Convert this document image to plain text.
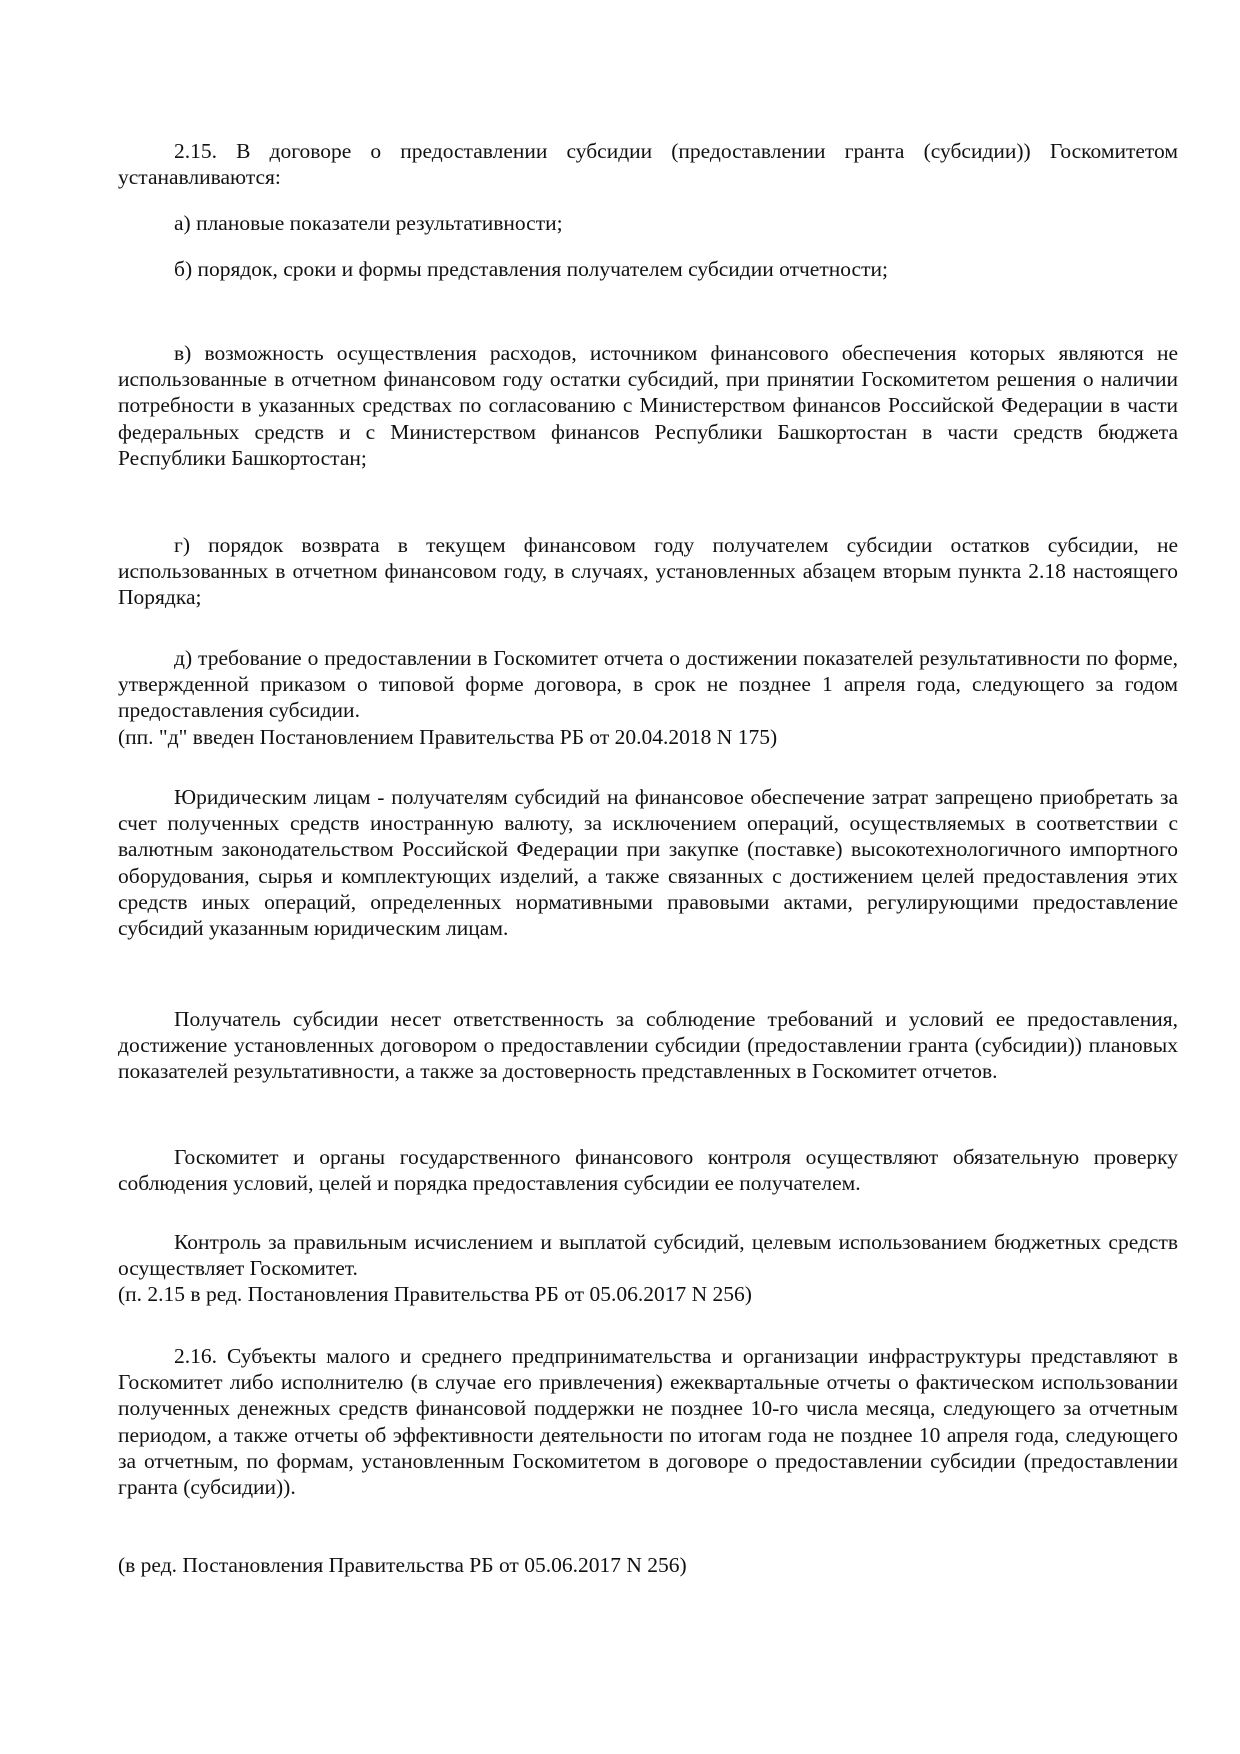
2.15. В договоре о предоставлении субсидии (предоставлении гранта (субсидии)) Госкомитетом устанавливаются:

а) плановые показатели результативности;

б) порядок, сроки и формы представления получателем субсидии отчетности;

в) возможность осуществления расходов, источником финансового обеспечения которых являются не использованные в отчетном финансовом году остатки субсидий, при принятии Госкомитетом решения о наличии потребности в указанных средствах по согласованию с Министерством финансов Российской Федерации в части федеральных средств и с Министерством финансов Республики Башкортостан в части средств бюджета Республики Башкортостан;

г) порядок возврата в текущем финансовом году получателем субсидии остатков субсидии, не использованных в отчетном финансовом году, в случаях, установленных абзацем вторым пункта 2.18 настоящего Порядка;

д) требование о предоставлении в Госкомитет отчета о достижении показателей результативности по форме, утвержденной приказом о типовой форме договора, в срок не позднее 1 апреля года, следующего за годом предоставления субсидии.

(пп. "д" введен Постановлением Правительства РБ от 20.04.2018 N 175)

Юридическим лицам - получателям субсидий на финансовое обеспечение затрат запрещено приобретать за счет полученных средств иностранную валюту, за исключением операций, осуществляемых в соответствии с валютным законодательством Российской Федерации при закупке (поставке) высокотехнологичного импортного оборудования, сырья и комплектующих изделий, а также связанных с достижением целей предоставления этих средств иных операций, определенных нормативными правовыми актами, регулирующими предоставление субсидий указанным юридическим лицам.

Получатель субсидии несет ответственность за соблюдение требований и условий ее предоставления, достижение установленных договором о предоставлении субсидии (предоставлении гранта (субсидии)) плановых показателей результативности, а также за достоверность представленных в Госкомитет отчетов.

Госкомитет и органы государственного финансового контроля осуществляют обязательную проверку соблюдения условий, целей и порядка предоставления субсидии ее получателем.

Контроль за правильным исчислением и выплатой субсидий, целевым использованием бюджетных средств осуществляет Госкомитет.

(п. 2.15 в ред. Постановления Правительства РБ от 05.06.2017 N 256)

2.16. Субъекты малого и среднего предпринимательства и организации инфраструктуры представляют в Госкомитет либо исполнителю (в случае его привлечения) ежеквартальные отчеты о фактическом использовании полученных денежных средств финансовой поддержки не позднее 10-го числа месяца, следующего за отчетным периодом, а также отчеты об эффективности деятельности по итогам года не позднее 10 апреля года, следующего за отчетным, по формам, установленным Госкомитетом в договоре о предоставлении субсидии (предоставлении гранта (субсидии)).

(в ред. Постановления Правительства РБ от 05.06.2017 N 256)
